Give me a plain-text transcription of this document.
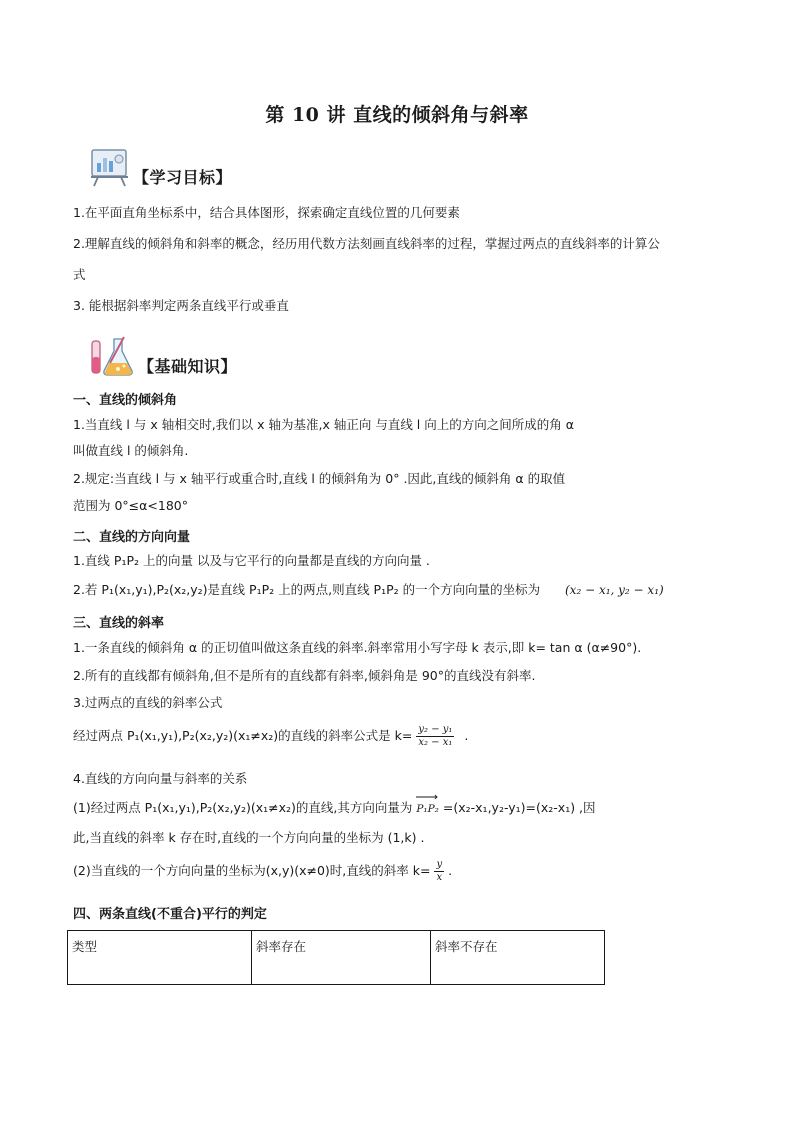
第 10 讲 直线的倾斜角与斜率
【学习目标】
1.在平面直角坐标系中，结合具体图形，探索确定直线位置的几何要素
2.理解直线的倾斜角和斜率的概念，经历用代数方法刻画直线斜率的过程，掌握过两点的直线斜率的计算公
式
3. 能根据斜率判定两条直线平行或垂直
【基础知识】
一、直线的倾斜角
1.当直线 l 与 x 轴相交时,我们以 x 轴为基准,x 轴正向 与直线 l 向上的方向之间所成的角 α
叫做直线 l 的倾斜角.
2.规定:当直线 l 与 x 轴平行或重合时,直线 l 的倾斜角为 0° .因此,直线的倾斜角 α 的取值
范围为 0°≤α<180°
二、直线的方向向量
1.直线 P₁P₂ 上的向量 以及与它平行的向量都是直线的方向向量 .
2.若 P₁(x₁,y₁),P₂(x₂,y₂)是直线 P₁P₂ 上的两点,则直线 P₁P₂ 的一个方向向量的坐标为 (x₂ − x₁, y₂ − x₁)
三、直线的斜率
1.一条直线的倾斜角 α 的正切值叫做这条直线的斜率.斜率常用小写字母 k 表示,即 k= tan α (α≠90°).
2.所有的直线都有倾斜角,但不是所有的直线都有斜率,倾斜角是 90°的直线没有斜率.
3.过两点的直线的斜率公式
经过两点 P₁(x₁,y₁),P₂(x₂,y₂)(x₁≠x₂)的直线的斜率公式是 $k= \frac{\text{y₂ − y₁}}{\text{x₂ − x₁}}$ .
4.直线的方向向量与斜率的关系
(1)经过两点 P₁(x₁,y₁),P₂(x₂,y₂)(x₁≠x₂)的直线,其方向向量为 P₁P₂ =(x₂-x₁,y₂-y₁)=(x₂-x₁) ,因
此,当直线的斜率 k 存在时,直线的一个方向向量的坐标为 (1,k) .
(2)当直线的一个方向向量的坐标为(x,y)(x≠0)时,直线的斜率 $k= \frac{y}{x}$ .
四、两条直线(不重合)平行的判定
类型	斜率存在	斜率不存在
